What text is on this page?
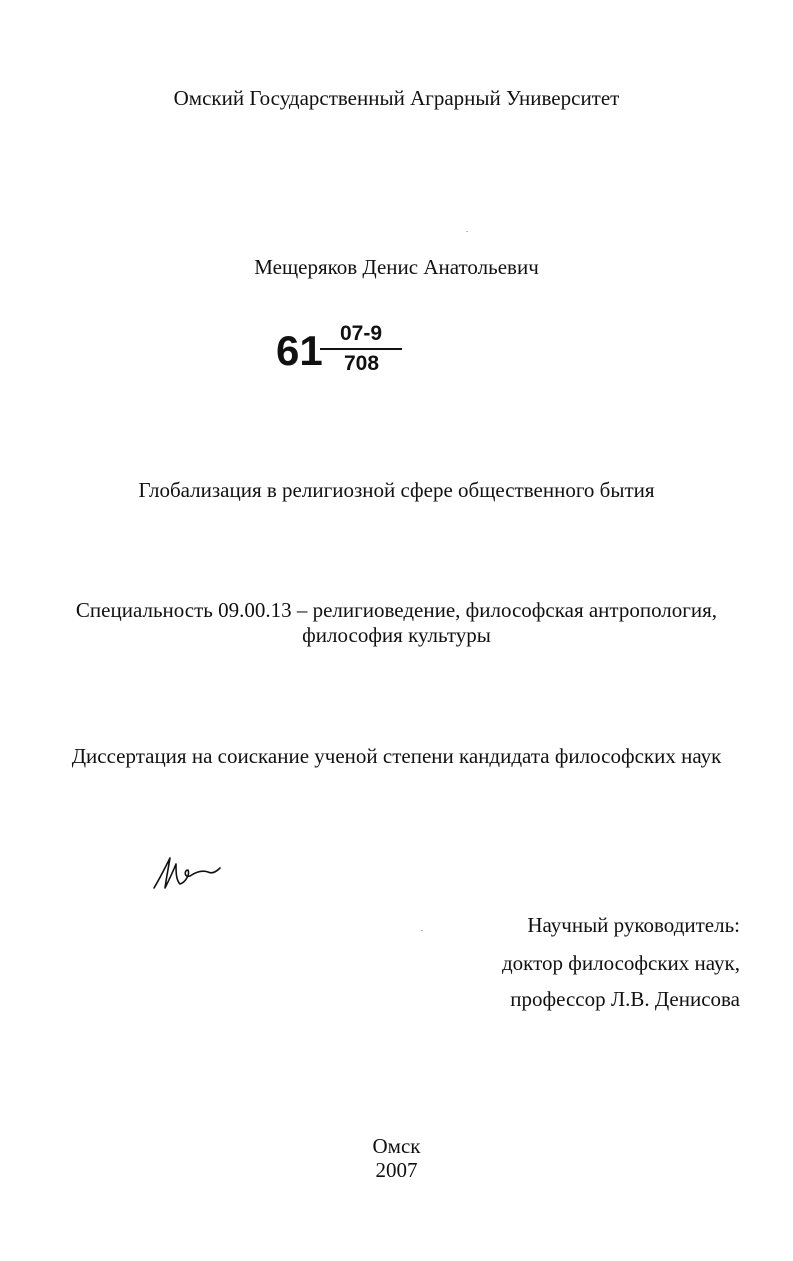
Омский Государственный Аграрный Университет
Мещеряков Денис Анатольевич
61 07-9
708
Глобализация в религиозной сфере общественного бытия
Специальность 09.00.13 – религиоведение, философская антропология,
философия культуры
Диссертация на соискание ученой степени кандидата философских наук
Научный руководитель:
доктор философских наук,
профессор Л.В. Денисова
Омск
2007
